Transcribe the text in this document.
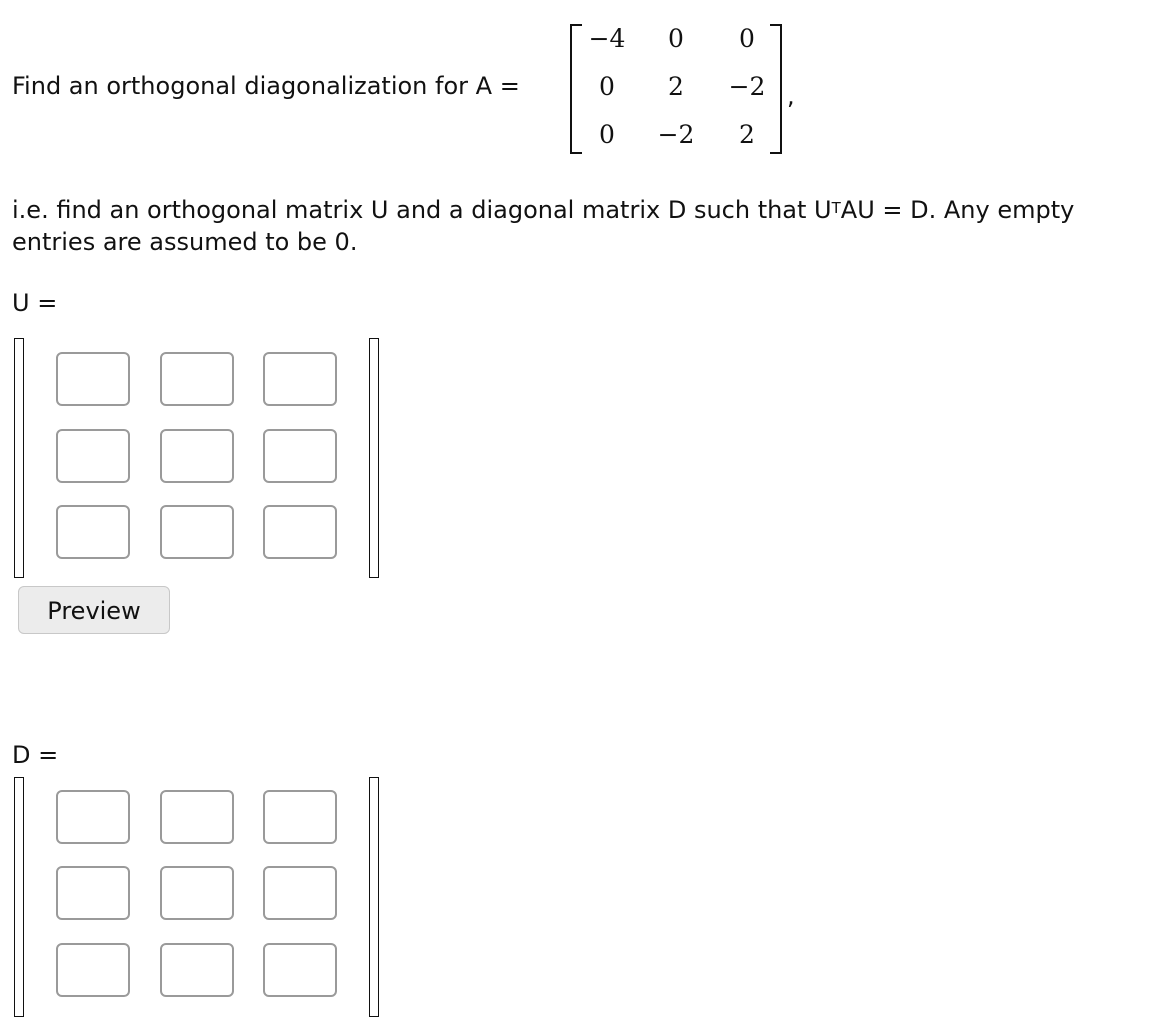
Find an orthogonal diagonalization for A =
−4	0	0
0	2	−2
0	−2	2
,
i.e. find an orthogonal matrix U and a diagonal matrix D such that $U^TAU = D$. Any empty entries are assumed to be 0.
U =
Preview
D =
